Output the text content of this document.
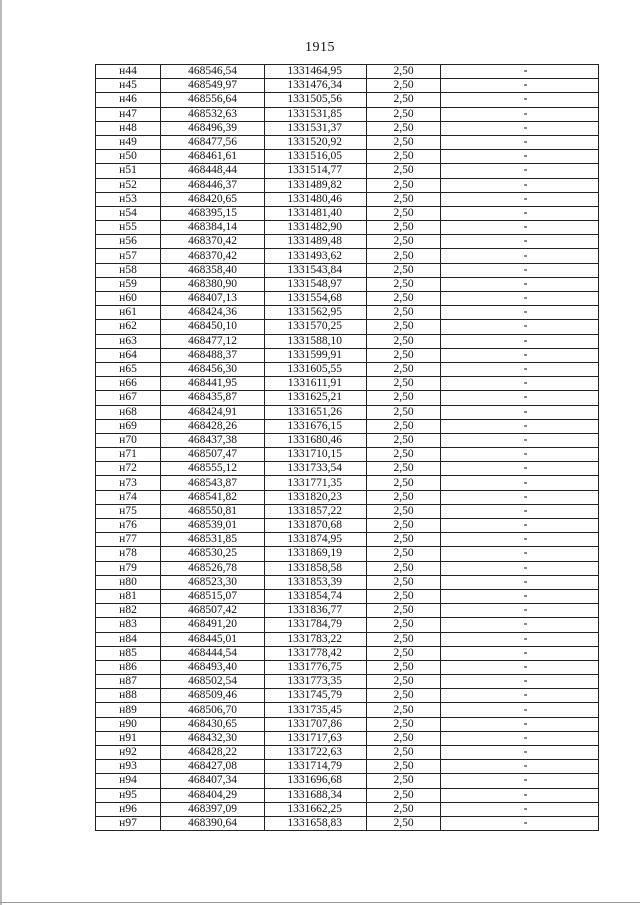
1915
н44	468546,54	1331464,95	2,50	-
н45	468549,97	1331476,34	2,50	-
н46	468556,64	1331505,56	2,50	-
н47	468532,63	1331531,85	2,50	-
н48	468496,39	1331531,37	2,50	-
н49	468477,56	1331520,92	2,50	-
н50	468461,61	1331516,05	2,50	-
н51	468448,44	1331514,77	2,50	-
н52	468446,37	1331489,82	2,50	-
н53	468420,65	1331480,46	2,50	-
н54	468395,15	1331481,40	2,50	-
н55	468384,14	1331482,90	2,50	-
н56	468370,42	1331489,48	2,50	-
н57	468370,42	1331493,62	2,50	-
н58	468358,40	1331543,84	2,50	-
н59	468380,90	1331548,97	2,50	-
н60	468407,13	1331554,68	2,50	-
н61	468424,36	1331562,95	2,50	-
н62	468450,10	1331570,25	2,50	-
н63	468477,12	1331588,10	2,50	-
н64	468488,37	1331599,91	2,50	-
н65	468456,30	1331605,55	2,50	-
н66	468441,95	1331611,91	2,50	-
н67	468435,87	1331625,21	2,50	-
н68	468424,91	1331651,26	2,50	-
н69	468428,26	1331676,15	2,50	-
н70	468437,38	1331680,46	2,50	-
н71	468507,47	1331710,15	2,50	-
н72	468555,12	1331733,54	2,50	-
н73	468543,87	1331771,35	2,50	-
н74	468541,82	1331820,23	2,50	-
н75	468550,81	1331857,22	2,50	-
н76	468539,01	1331870,68	2,50	-
н77	468531,85	1331874,95	2,50	-
н78	468530,25	1331869,19	2,50	-
н79	468526,78	1331858,58	2,50	-
н80	468523,30	1331853,39	2,50	-
н81	468515,07	1331854,74	2,50	-
н82	468507,42	1331836,77	2,50	-
н83	468491,20	1331784,79	2,50	-
н84	468445,01	1331783,22	2,50	-
н85	468444,54	1331778,42	2,50	-
н86	468493,40	1331776,75	2,50	-
н87	468502,54	1331773,35	2,50	-
н88	468509,46	1331745,79	2,50	-
н89	468506,70	1331735,45	2,50	-
н90	468430,65	1331707,86	2,50	-
н91	468432,30	1331717,63	2,50	-
н92	468428,22	1331722,63	2,50	-
н93	468427,08	1331714,79	2,50	-
н94	468407,34	1331696,68	2,50	-
н95	468404,29	1331688,34	2,50	-
н96	468397,09	1331662,25	2,50	-
н97	468390,64	1331658,83	2,50	-
